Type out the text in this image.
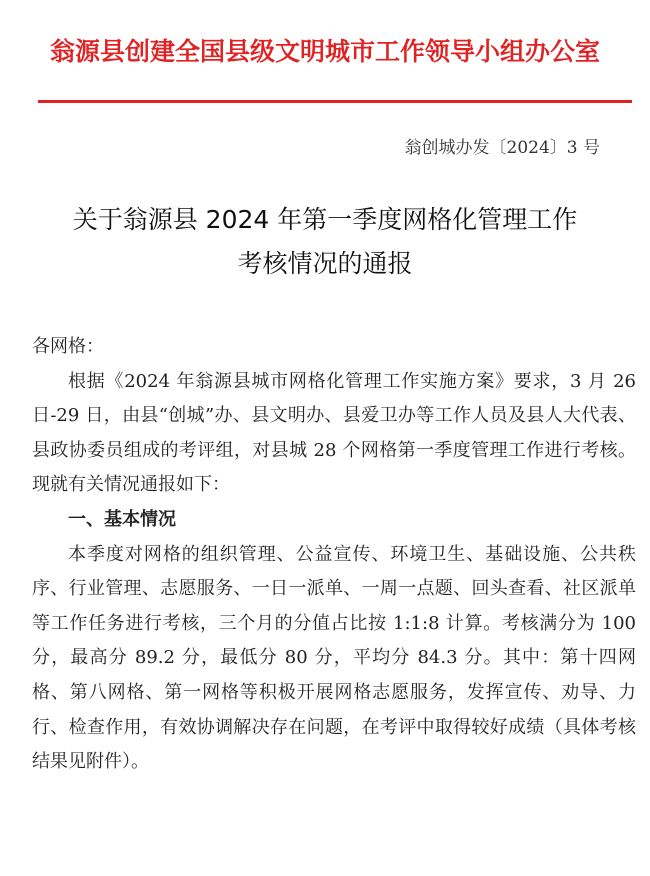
翁源县创建全国县级文明城市工作领导小组办公室
翁创城办发〔2024〕3 号
关于翁源县 2024 年第一季度网格化管理工作
考核情况的通报

各网格：

根据《2024 年翁源县城市网格化管理工作实施方案》要求，3 月 26 日-29 日，由县“创城”办、县文明办、县爱卫办等工作人员及县人大代表、县政协委员组成的考评组，对县城 28 个网格第一季度管理工作进行考核。现就有关情况通报如下：

一、基本情况

本季度对网格的组织管理、公益宣传、环境卫生、基础设施、公共秩序、行业管理、志愿服务、一日一派单、一周一点题、回头查看、社区派单等工作任务进行考核，三个月的分值占比按 1:1:8 计算。考核满分为 100 分，最高分 89.2 分，最低分 80 分，平均分 84.3 分。其中：第十四网格、第八网格、第一网格等积极开展网格志愿服务，发挥宣传、劝导、力行、检查作用，有效协调解决存在问题，在考评中取得较好成绩（具体考核结果见附件）。
